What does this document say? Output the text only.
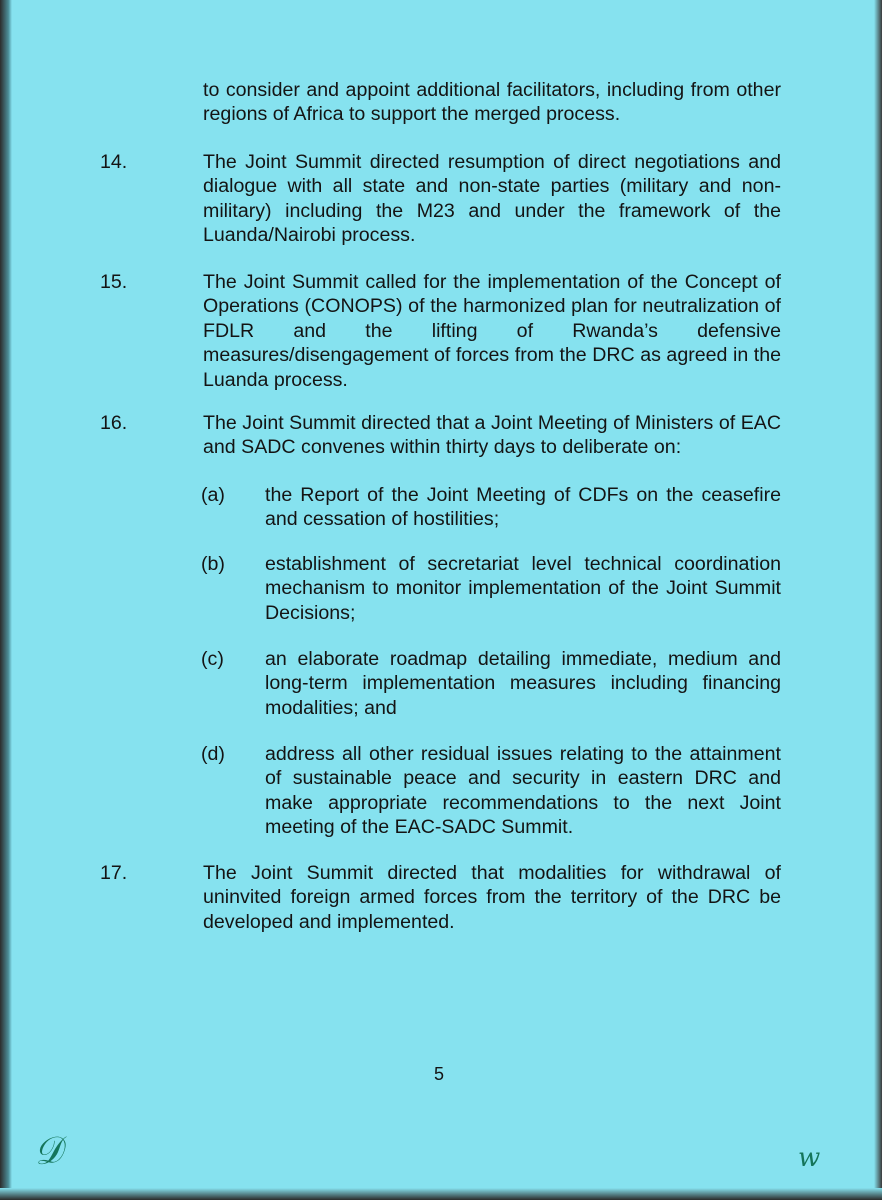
to consider and appoint additional facilitators, including from other regions of Africa to support the merged process.
14.	The Joint Summit directed resumption of direct negotiations and dialogue with all state and non-state parties (military and non-military) including the M23 and under the framework of the Luanda/Nairobi process.
15.	The Joint Summit called for the implementation of the Concept of Operations (CONOPS) of the harmonized plan for neutralization of FDLR and the lifting of Rwanda’s defensive measures/disengagement of forces from the DRC as agreed in the Luanda process.
16.	The Joint Summit directed that a Joint Meeting of Ministers of EAC and SADC convenes within thirty days to deliberate on:
(a)	the Report of the Joint Meeting of CDFs on the ceasefire and cessation of hostilities;
(b)	establishment of secretariat level technical coordination mechanism to monitor implementation of the Joint Summit Decisions;
(c)	an elaborate roadmap detailing immediate, medium and long-term implementation measures including financing modalities; and
(d)	address all other residual issues relating to the attainment of sustainable peace and security in eastern DRC and make appropriate recommendations to the next Joint meeting of the EAC-SADC Summit.
17.	The Joint Summit directed that modalities for withdrawal of uninvited foreign armed forces from the territory of the DRC be developed and implemented.
5
𝒟	w
